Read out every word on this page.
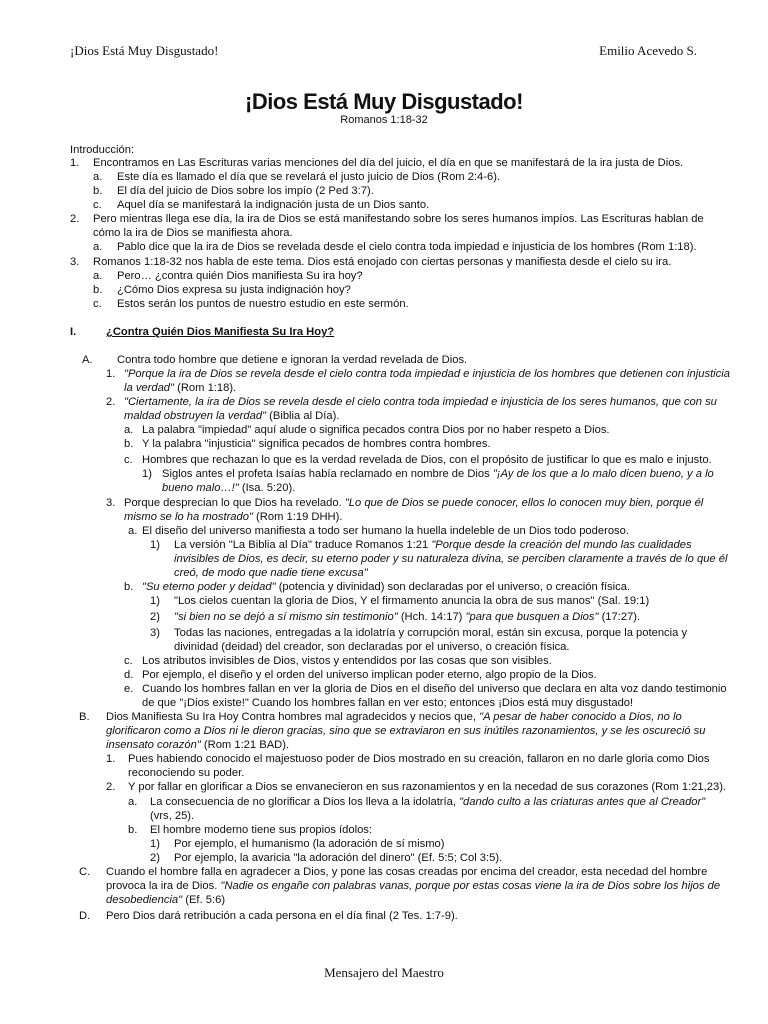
¡Dios Está Muy Disgustado!	Emilio Acevedo S.
¡Dios Está Muy Disgustado!
Romanos 1:18-32
Introducción:
1. Encontramos en Las Escrituras varias menciones del día del juicio, el día en que se manifestará de la ira justa de Dios.
a. Este día es llamado el día que se revelará el justo juicio de Dios (Rom 2:4-6).
b. El día del juicio de Dios sobre los impío (2 Ped 3:7).
c. Aquel día se manifestará la indignación justa de un Dios santo.
2. Pero mientras llega ese día, la ira de Dios se está manifestando sobre los seres humanos impíos. Las Escrituras hablan de
cómo la ira de Dios se manifiesta ahora.
a. Pablo dice que la ira de Dios se revelada desde el cielo contra toda impiedad e injusticia de los hombres (Rom 1:18).
3. Romanos 1:18-32 nos habla de este tema. Dios está enojado con ciertas personas y manifiesta desde el cielo su ira.
a. Pero… ¿contra quién Dios manifiesta Su ira hoy?
b. ¿Cómo Dios expresa su justa indignación hoy?
c. Estos serán los puntos de nuestro estudio en este sermón.
I.	¿Contra Quién Dios Manifiesta Su Ira Hoy?
A. Contra todo hombre que detiene e ignoran la verdad revelada de Dios.
1. "Porque la ira de Dios se revela desde el cielo contra toda impiedad e injusticia de los hombres que detienen con injusticia
la verdad" (Rom 1:18).
2. "Ciertamente, la ira de Dios se revela desde el cielo contra toda impiedad e injusticia de los seres humanos, que con su
maldad obstruyen la verdad" (Biblia al Día).
a. La palabra "impiedad" aquí alude o significa pecados contra Dios por no haber respeto a Dios.
b. Y la palabra "injusticia" significa pecados de hombres contra hombres.
c. Hombres que rechazan lo que es la verdad revelada de Dios, con el propósito de justificar lo que es malo e injusto.
1) Siglos antes el profeta Isaías había reclamado en nombre de Dios "¡Ay de los que a lo malo dicen bueno, y a lo
bueno malo…!" (Isa. 5:20).
3. Porque desprecian lo que Dios ha revelado. "Lo que de Dios se puede conocer, ellos lo conocen muy bien, porque él
mismo se lo ha mostrado" (Rom 1:19 DHH).
a. El diseño del universo manifiesta a todo ser humano la huella indeleble de un Dios todo poderoso.
1) La versión "La Biblia al Día" traduce Romanos 1:21 "Porque desde la creación del mundo las cualidades
invisibles de Dios, es decir, su eterno poder y su naturaleza divina, se perciben claramente a través de lo que él
creó, de modo que nadie tiene excusa"
b. "Su eterno poder y deidad" (potencia y divinidad) son declaradas por el universo, o creación física.
1) "Los cielos cuentan la gloria de Dios, Y el firmamento anuncia la obra de sus manos" (Sal. 19:1)
2) "si bien no se dejó a sí mismo sin testimonio" (Hch. 14:17) "para que busquen a Dios" (17:27).
3) Todas las naciones, entregadas a la idolatría y corrupción moral, están sin excusa, porque la potencia y
divinidad (deidad) del creador, son declaradas por el universo, o creación física.
c. Los atributos invisibles de Dios, vistos y entendidos por las cosas que son visibles.
d. Por ejemplo, el diseño y el orden del universo implican poder eterno, algo propio de la Dios.
e. Cuando los hombres fallan en ver la gloria de Dios en el diseño del universo que declara en alta voz dando testimonio
de que "¡Dios existe!" Cuando los hombres fallan en ver esto; entonces ¡Dios está muy disgustado!
B. Dios Manifiesta Su Ira Hoy Contra hombres mal agradecidos y necios que, "A pesar de haber conocido a Dios, no lo
glorificaron como a Dios ni le dieron gracias, sino que se extraviaron en sus inútiles razonamientos, y se les oscureció su
insensato corazón" (Rom 1:21 BAD).
1. Pues habiendo conocido el majestuoso poder de Dios mostrado en su creación, fallaron en no darle gloria como Dios
reconociendo su poder.
2. Y por fallar en glorificar a Dios se envanecieron en sus razonamientos y en la necedad de sus corazones (Rom 1:21,23).
a. La consecuencia de no glorificar a Dios los lleva a la idolatría, "dando culto a las criaturas antes que al Creador"
(vrs, 25).
b. El hombre moderno tiene sus propios ídolos:
1) Por ejemplo, el humanismo (la adoración de sí mismo)
2) Por ejemplo, la avaricia "la adoración del dinero" (Ef. 5:5; Col 3:5).
C. Cuando el hombre falla en agradecer a Dios, y pone las cosas creadas por encima del creador, esta necedad del hombre
provoca la ira de Dios. "Nadie os engañe con palabras vanas, porque por estas cosas viene la ira de Dios sobre los hijos de
desobediencia" (Ef. 5:6)
D. Pero Dios dará retribución a cada persona en el día final (2 Tes. 1:7-9).
Mensajero del Maestro
